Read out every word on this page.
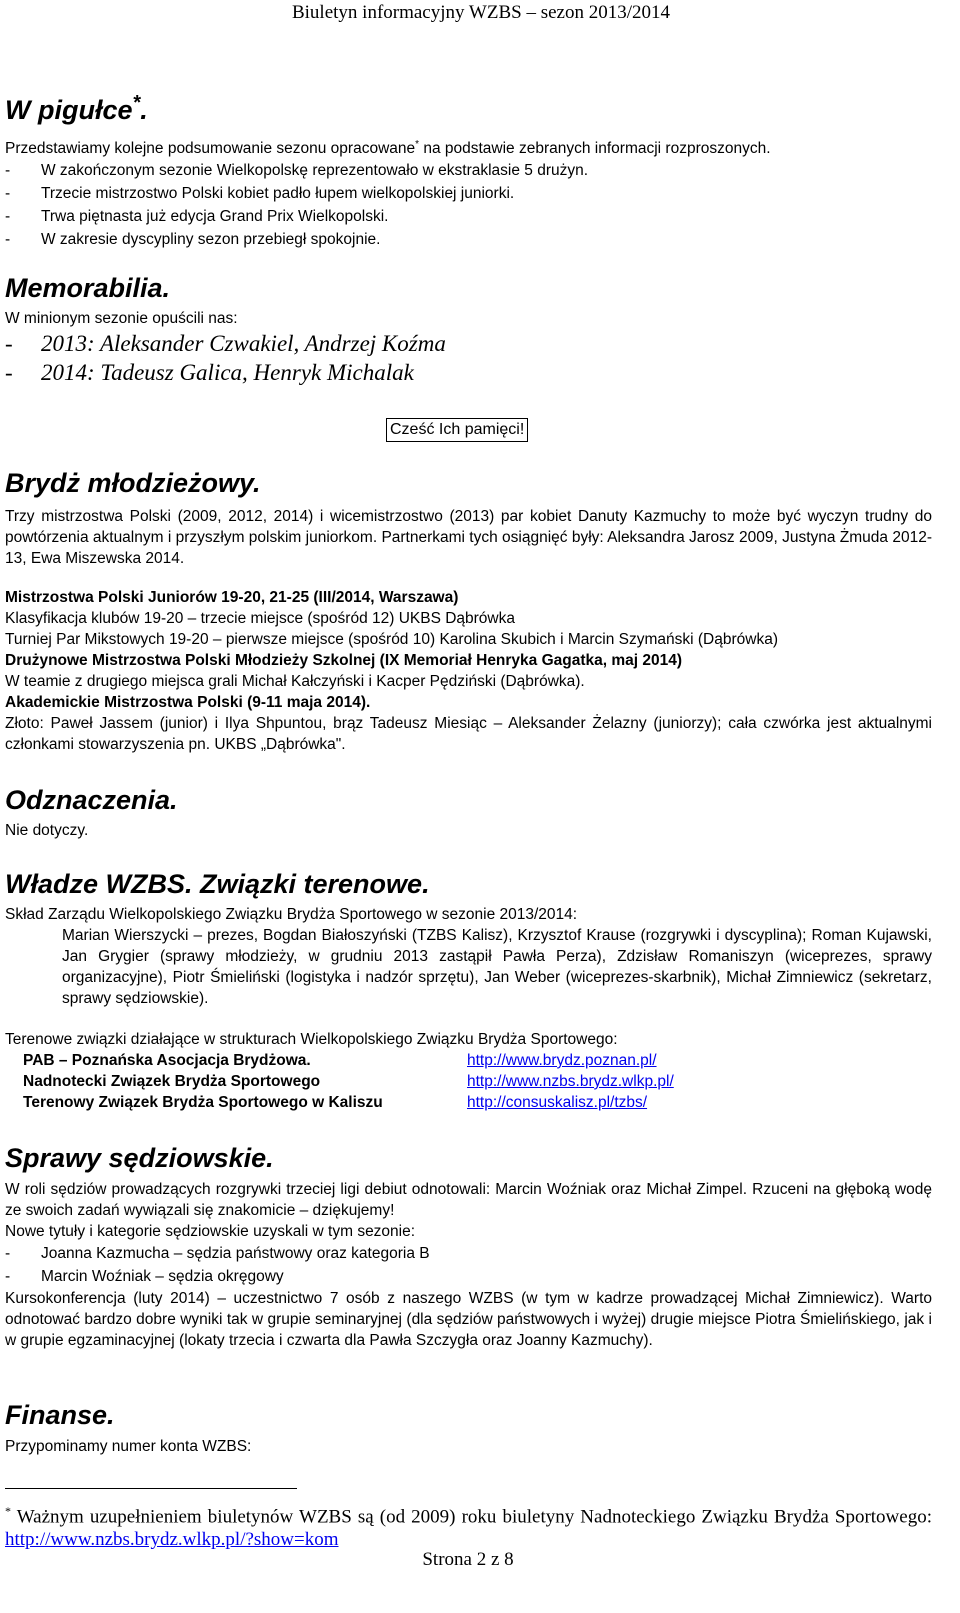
Biuletyn informacyjny WZBS – sezon 2013/2014
W pigułce*.

Przedstawiamy kolejne podsumowanie sezonu opracowane* na podstawie zebranych informacji rozproszonych.

-	W zakończonym sezonie Wielkopolskę reprezentowało w ekstraklasie 5 drużyn.
-	Trzecie mistrzostwo Polski kobiet padło łupem wielkopolskiej juniorki.
-	Trwa piętnasta już edycja Grand Prix Wielkopolski.
-	W zakresie dyscypliny sezon przebiegł spokojnie.
Memorabilia.

W minionym sezonie opuścili nas:

-	2013: Aleksander Czwakiel, Andrzej Koźma
-	2014: Tadeusz Galica, Henryk Michalak
Cześć Ich pamięci!
Brydż młodzieżowy.

Trzy mistrzostwa Polski (2009, 2012, 2014) i wicemistrzostwo (2013) par kobiet Danuty Kazmuchy to może być wyczyn trudny do powtórzenia aktualnym i przyszłym polskim juniorkom. Partnerkami tych osiągnięć były: Aleksandra Jarosz 2009, Justyna Żmuda 2012-13, Ewa Miszewska 2014.

Mistrzostwa Polski Juniorów 19-20, 21-25 (III/2014, Warszawa)

Klasyfikacja klubów 19-20 – trzecie miejsce (spośród 12) UKBS Dąbrówka

Turniej Par Mikstowych 19-20 – pierwsze miejsce (spośród 10) Karolina Skubich i Marcin Szymański (Dąbrówka)

Drużynowe Mistrzostwa Polski Młodzieży Szkolnej (IX Memoriał Henryka Gagatka, maj 2014)

W teamie z drugiego miejsca grali Michał Kałczyński i Kacper Pędziński (Dąbrówka).

Akademickie Mistrzostwa Polski (9-11 maja 2014).

Złoto: Paweł Jassem (junior) i Ilya Shpuntou, brąz Tadeusz Miesiąc – Aleksander Żelazny (juniorzy); cała czwórka jest aktualnymi członkami stowarzyszenia pn. UKBS „Dąbrówka".

Odznaczenia.

Nie dotyczy.

Władze WZBS. Związki terenowe.

Skład Zarządu Wielkopolskiego Związku Brydża Sportowego w sezonie 2013/2014:

Marian Wierszycki – prezes, Bogdan Białoszyński (TZBS Kalisz), Krzysztof Krause (rozgrywki i dyscyplina); Roman Kujawski, Jan Grygier (sprawy młodzieży, w grudniu 2013 zastąpił Pawła Perza), Zdzisław Romaniszyn (wiceprezes, sprawy organizacyjne), Piotr Śmieliński (logistyka i nadzór sprzętu), Jan Weber (wiceprezes-skarbnik), Michał Zimniewicz (sekretarz, sprawy sędziowskie).

Terenowe związki działające w strukturach Wielkopolskiego Związku Brydża Sportowego:

PAB – Poznańska Asocjacja Brydżowa.	http://www.brydz.poznan.pl/
Nadnotecki Związek Brydża Sportowego	http://www.nzbs.brydz.wlkp.pl/
Terenowy Związek Brydża Sportowego w Kaliszu	http://consuskalisz.pl/tzbs/
Sprawy sędziowskie.

W roli sędziów prowadzących rozgrywki trzeciej ligi debiut odnotowali: Marcin Woźniak oraz Michał Zimpel. Rzuceni na głęboką wodę ze swoich zadań wywiązali się znakomicie – dziękujemy!

Nowe tytuły i kategorie sędziowskie uzyskali w tym sezonie:

-	Joanna Kazmucha – sędzia państwowy oraz kategoria B
-	Marcin Woźniak – sędzia okręgowy

Kursokonferencja (luty 2014) – uczestnictwo 7 osób z naszego WZBS (w tym w kadrze prowadzącej Michał Zimniewicz). Warto odnotować bardzo dobre wyniki tak w grupie seminaryjnej (dla sędziów państwowych i wyżej) drugie miejsce Piotra Śmielińskiego, jak i w grupie egzaminacyjnej (lokaty trzecia i czwarta dla Pawła Szczygła oraz Joanny Kazmuchy).

Finanse.

Przypominamy numer konta WZBS:

* Ważnym uzupełnieniem biuletynów WZBS są (od 2009) roku biuletyny Nadnoteckiego Związku Brydża Sportowego: http://www.nzbs.brydz.wlkp.pl/?show=kom
Strona 2 z 8
